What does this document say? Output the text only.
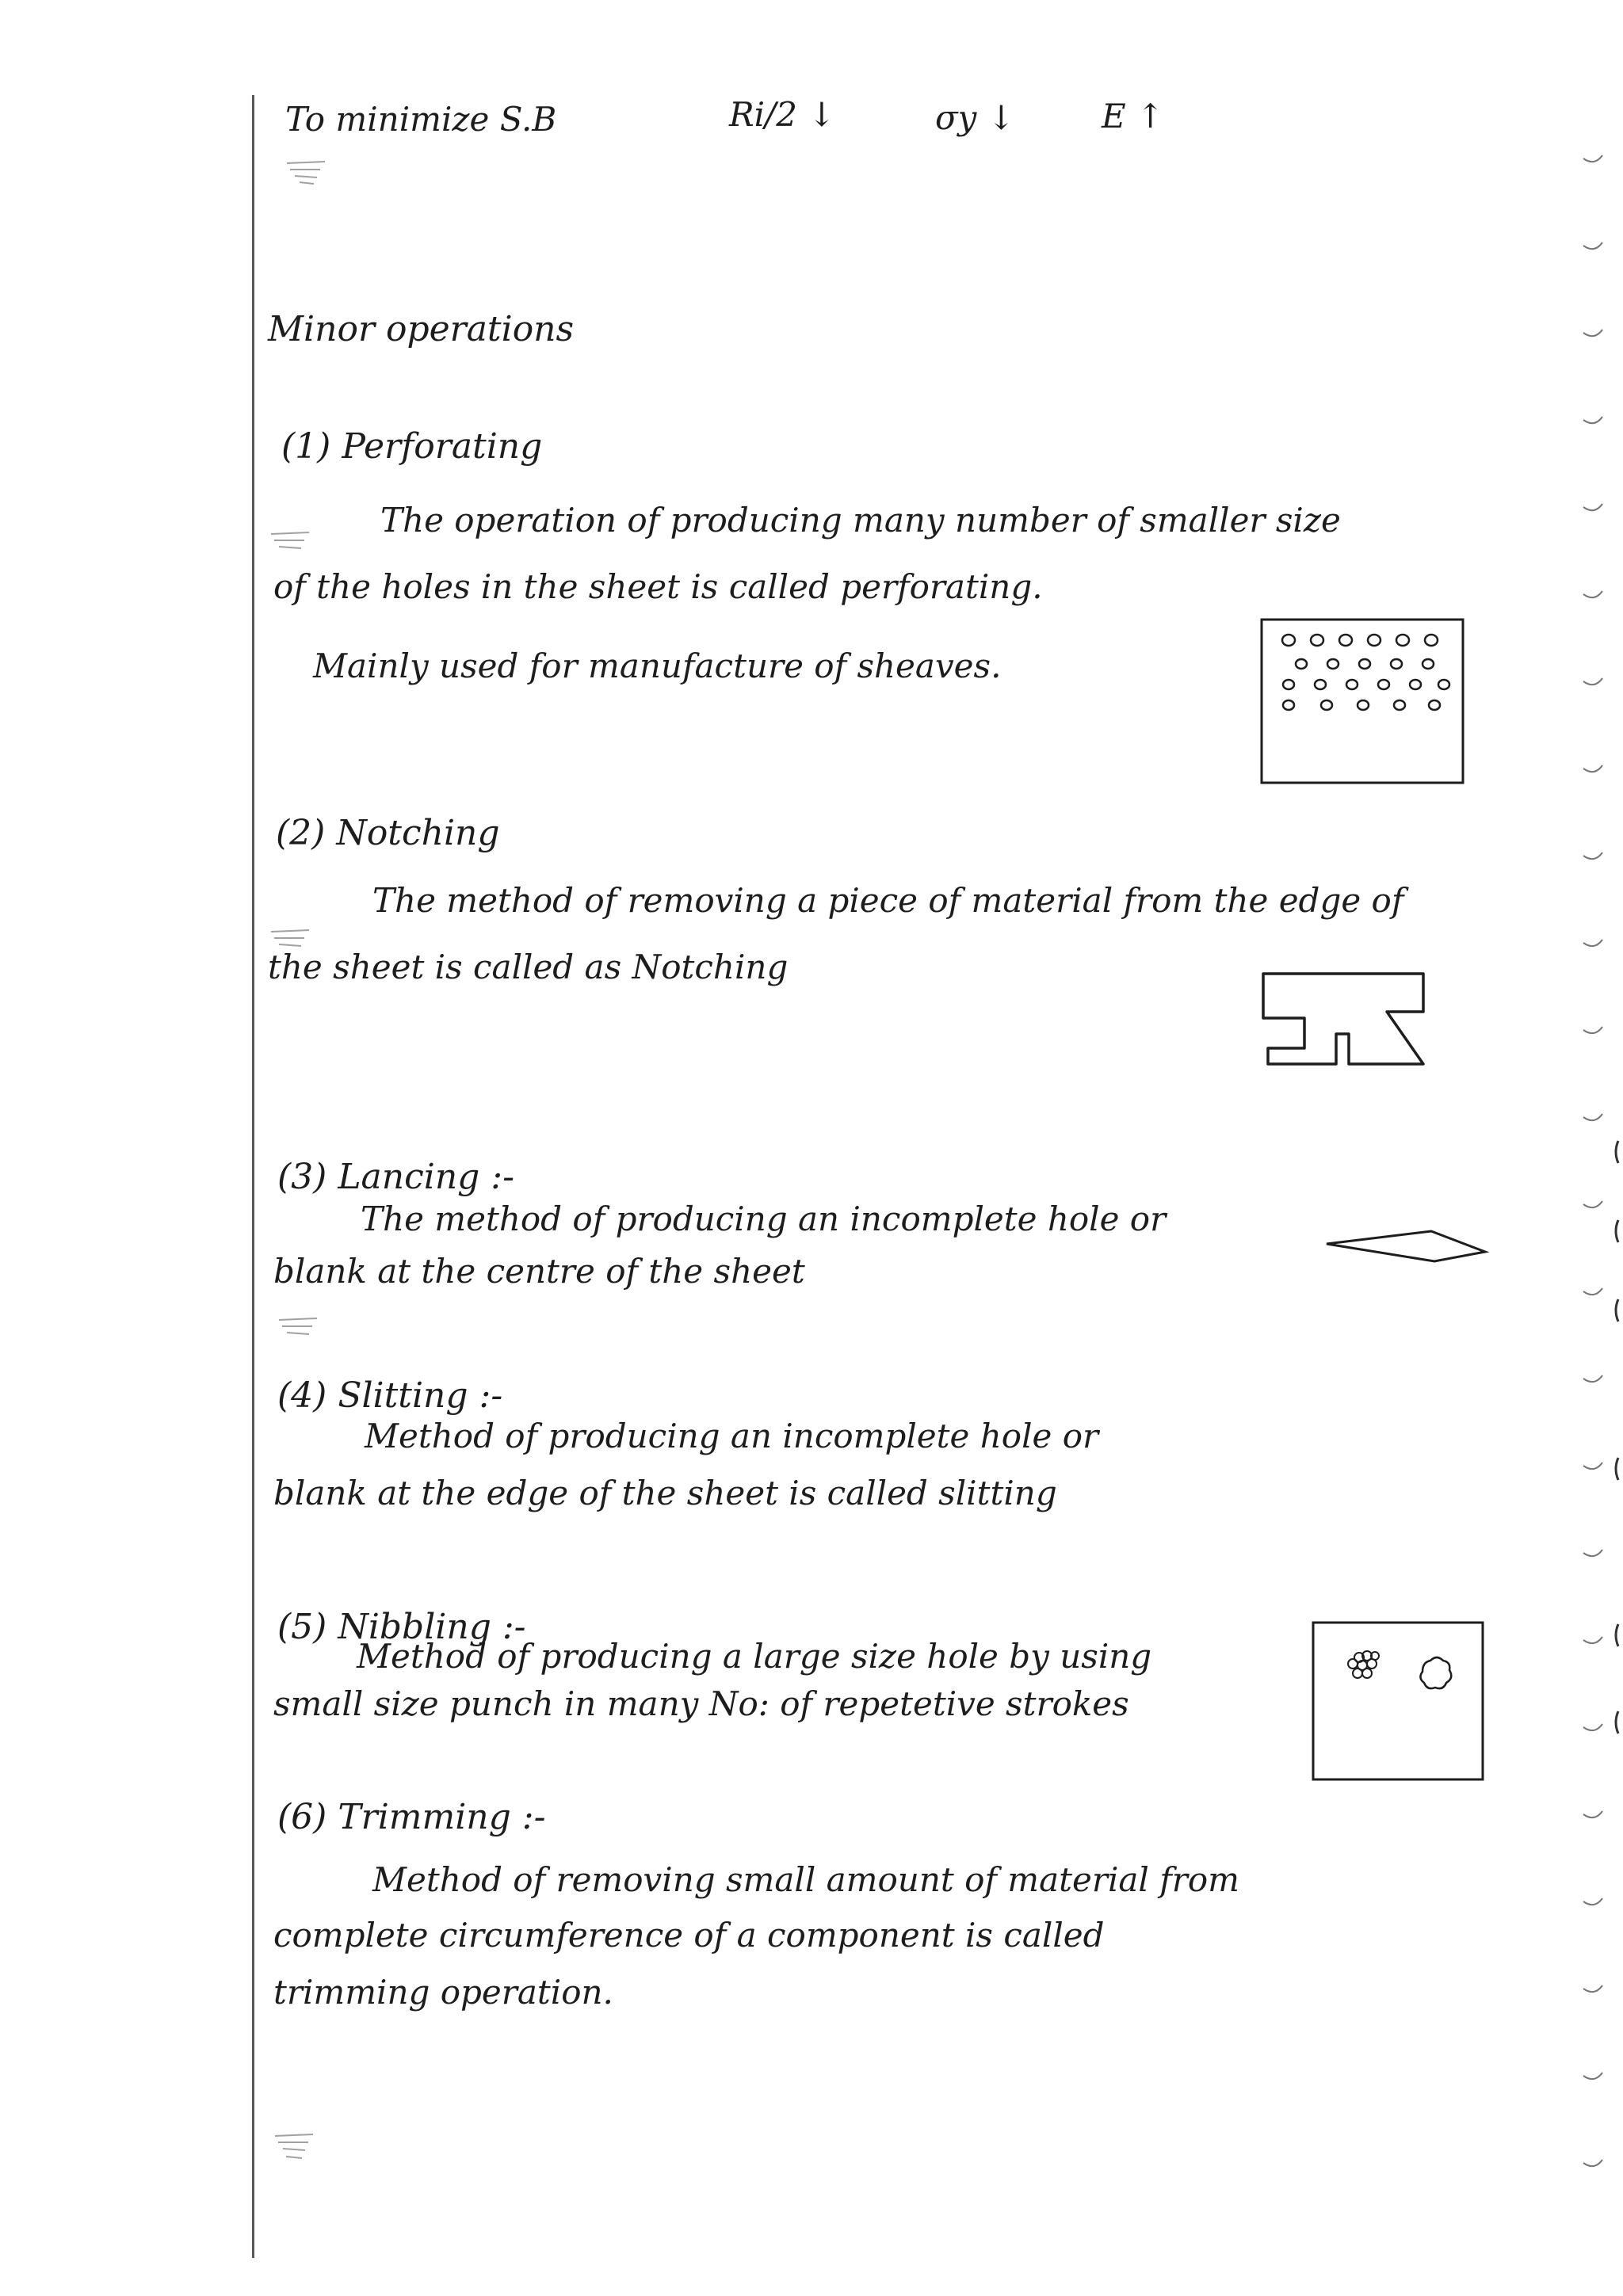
To minimize S.B	Ri/2 ↓	σy ↓	E ↑
Minor operations
(1) Perforating
The operation of producing many number of smaller size
of the holes in the sheet is called perforating.
Mainly used for manufacture of sheaves.
(2) Notching
The method of removing a piece of material from the edge of
the sheet is called as Notching
(3) Lancing :-
The method of producing an incomplete hole or
blank at the centre of the sheet
(4) Slitting :-
Method of producing an incomplete hole or
blank at the edge of the sheet is called slitting
(5) Nibbling :-
Method of producing a large size hole by using
small size punch in many No: of repetetive strokes
(6) Trimming :-
Method of removing small amount of material from
complete circumference of a component is called
trimming operation.
